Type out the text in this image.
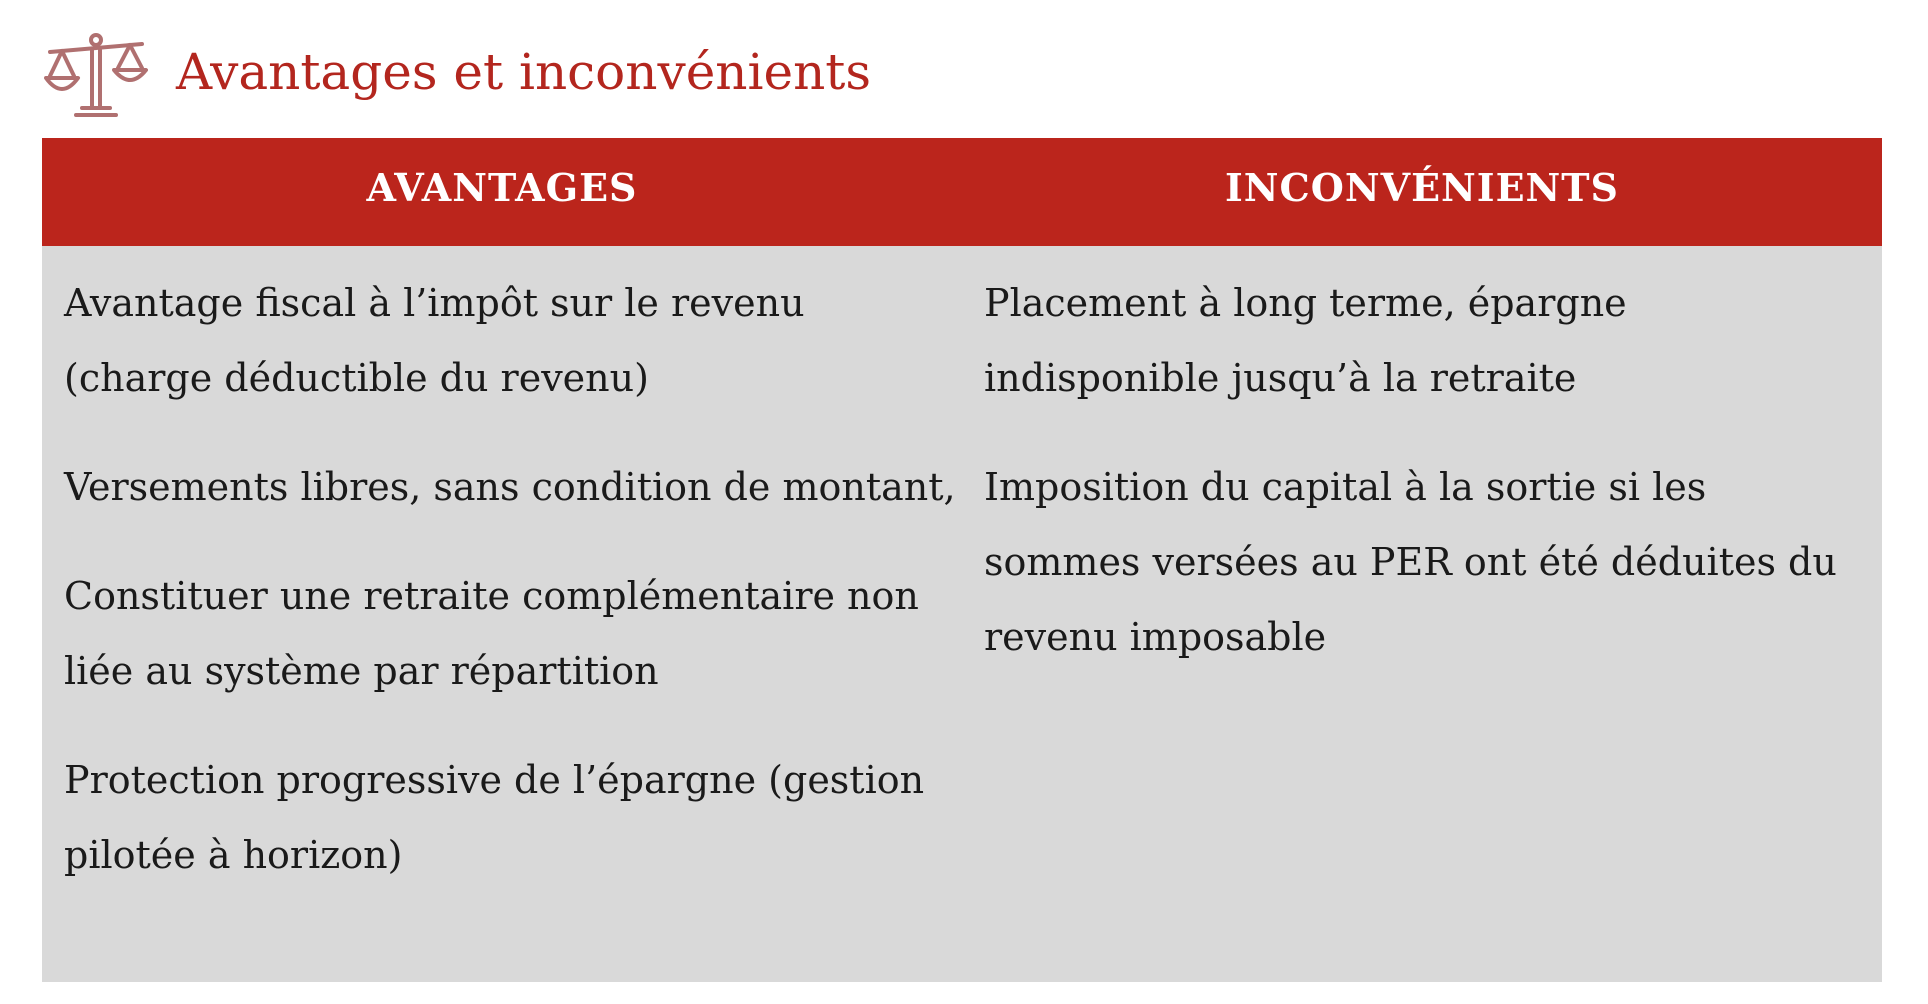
Avantages et inconvénients
AVANTAGES	INCONVÉNIENTS

Avantage fiscal à l’impôt sur le revenu (charge déductible du revenu)

Versements libres, sans condition de montant,

Constituer une retraite complémentaire non liée au système par répartition

Protection progressive de l’épargne (gestion pilotée à horizon)

Placement à long terme, épargne indisponible jusqu’à la retraite

Imposition du capital à la sortie si les sommes versées au PER ont été déduites du revenu imposable
